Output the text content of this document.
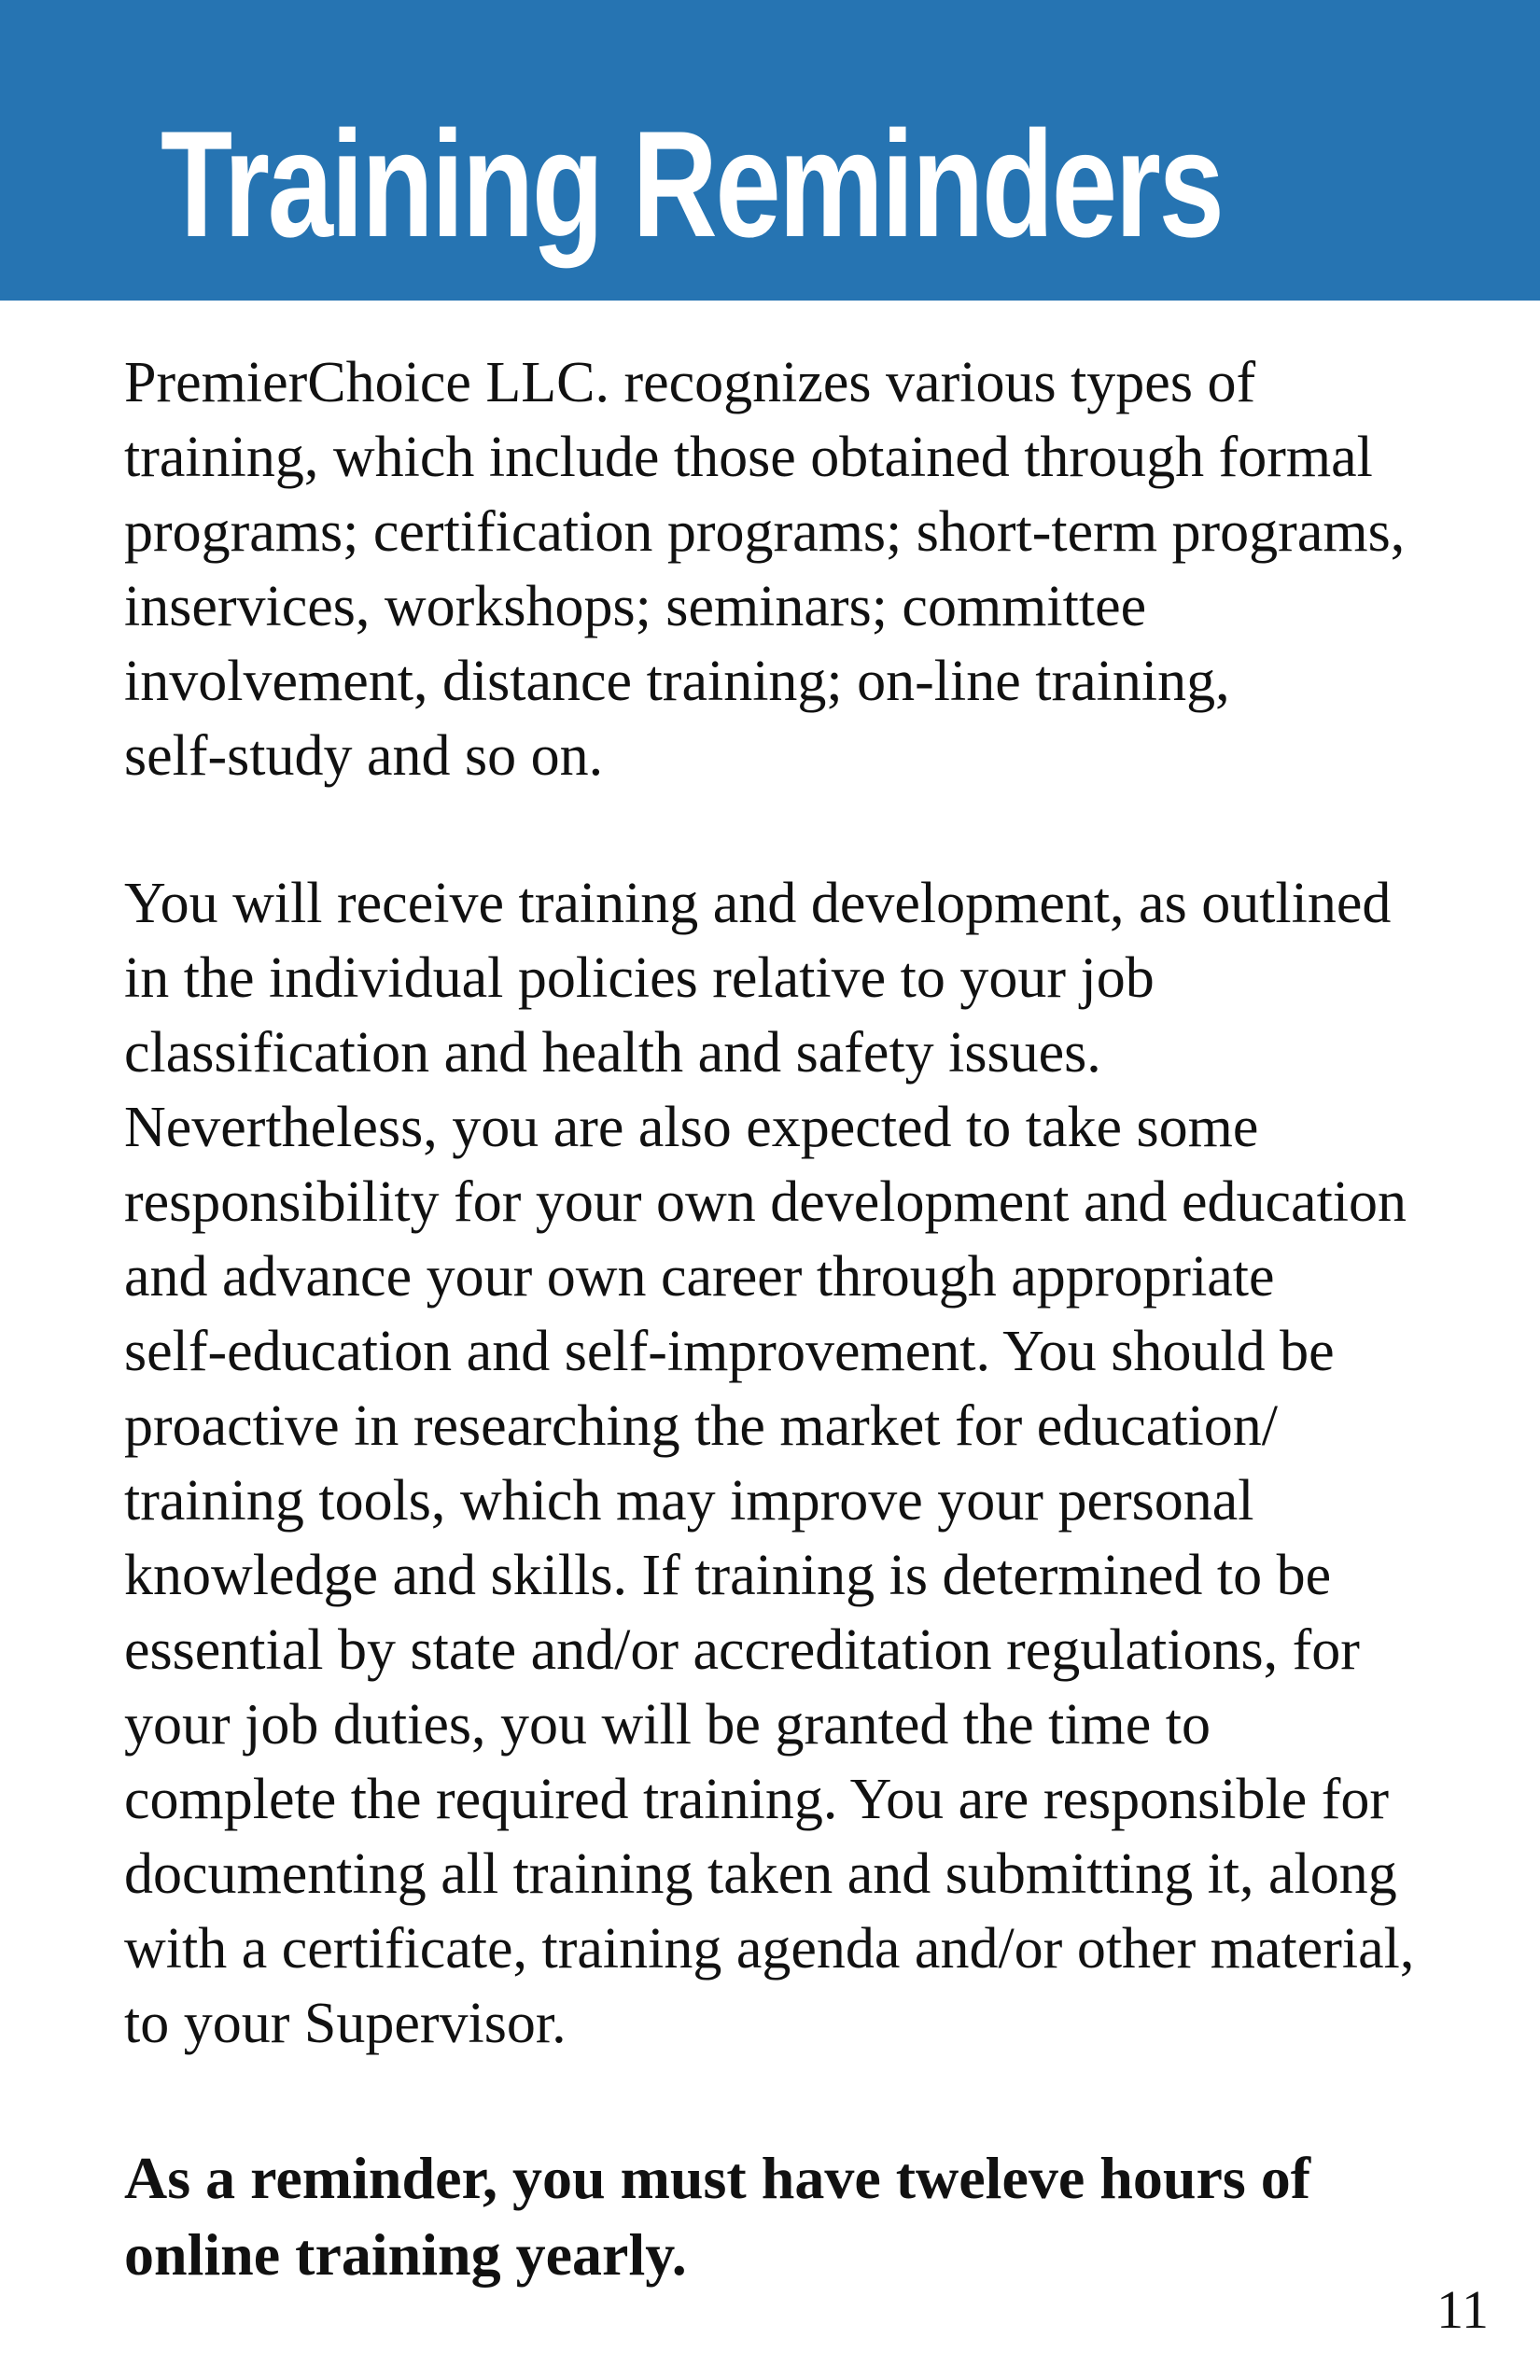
Training Reminders
PremierChoice LLC. recognizes various types of
training, which include those obtained through formal
programs; certification programs; short-term programs,
inservices, workshops; seminars; committee
involvement, distance training; on-line training,
self-study and so on.
You will receive training and development, as outlined
in the individual policies relative to your job
classification and health and safety issues.
Nevertheless, you are also expected to take some
responsibility for your own development and education
and advance your own career through appropriate
self-education and self-improvement. You should be
proactive in researching the market for education/
training tools, which may improve your personal
knowledge and skills. If training is determined to be
essential by state and/or accreditation regulations, for
your job duties, you will be granted the time to
complete the required training. You are responsible for
documenting all training taken and submitting it, along
with a certificate, training agenda and/or other material,
to your Supervisor.
As a reminder, you must have tweleve hours of
online training yearly.
11
